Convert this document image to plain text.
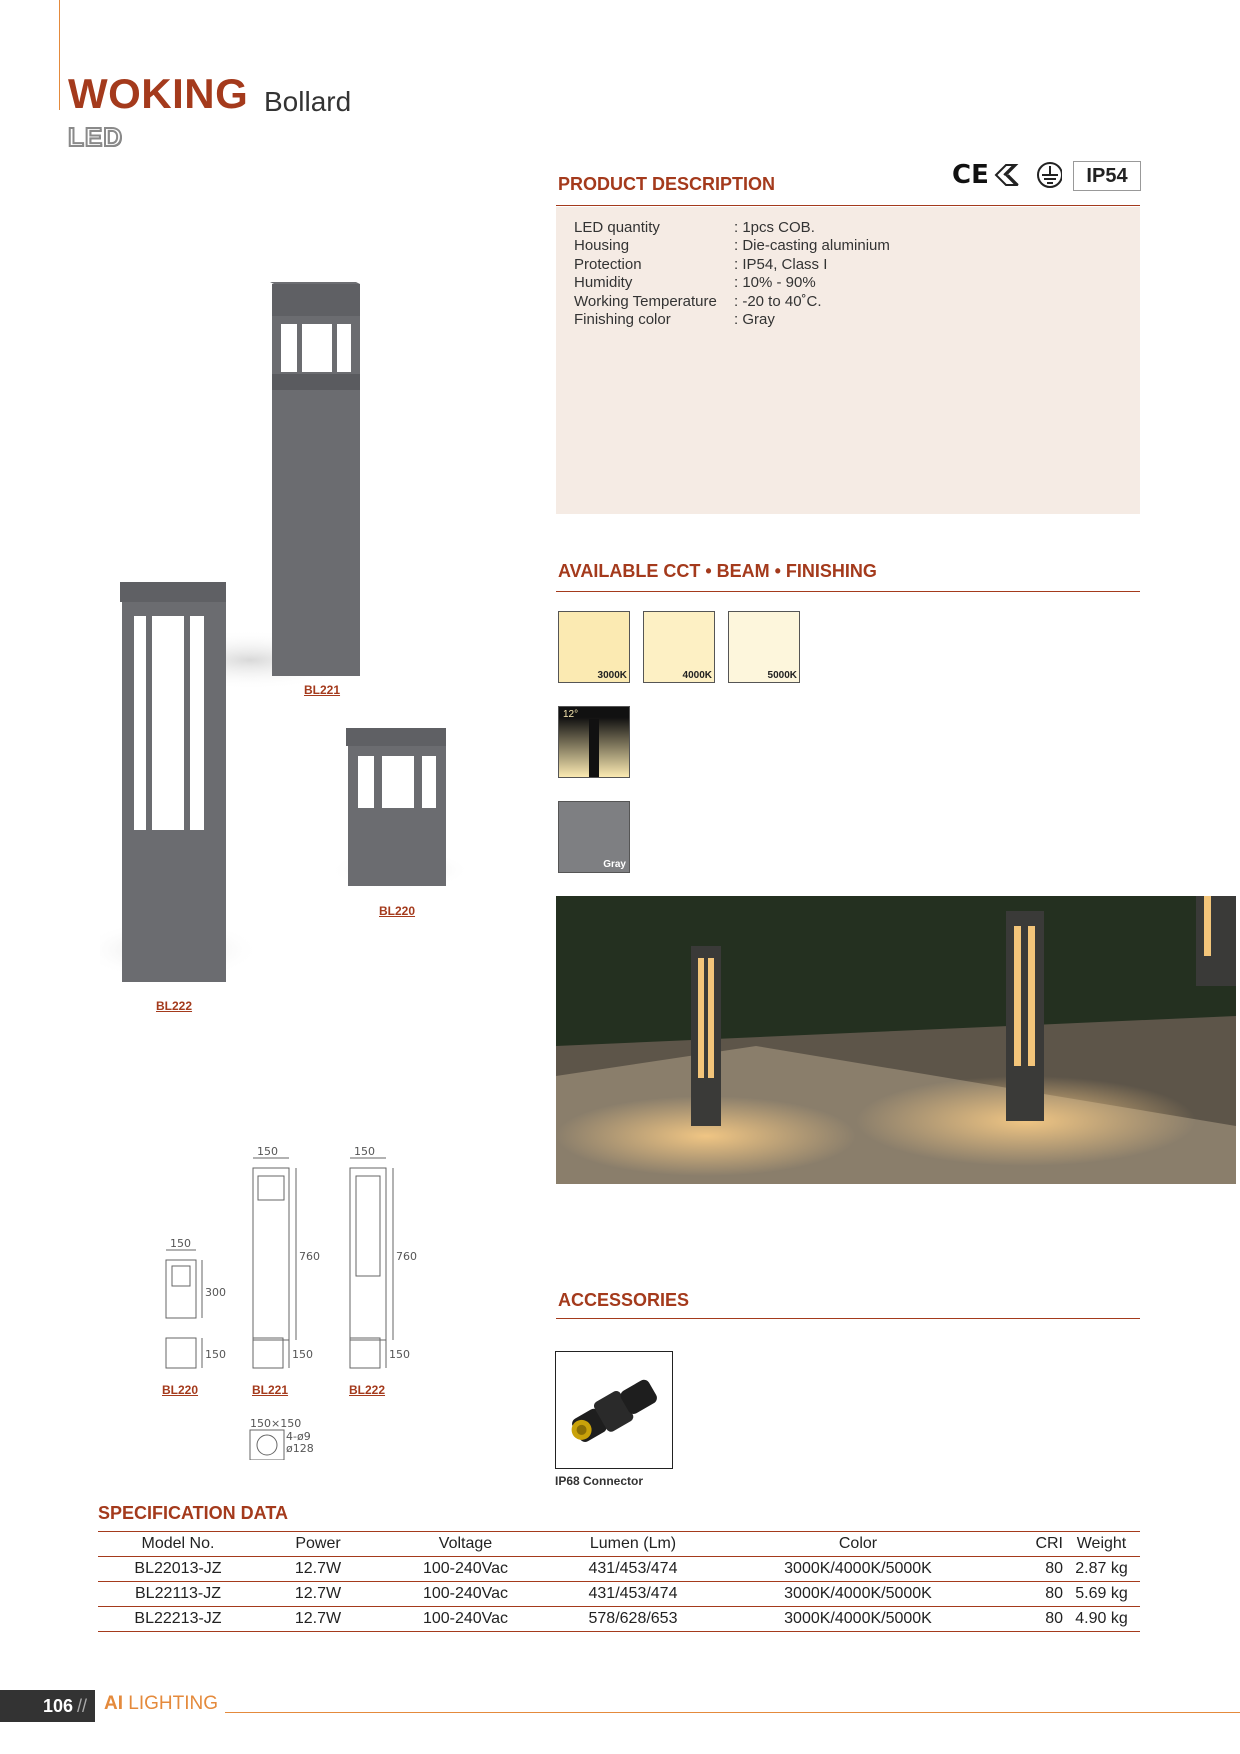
WOKING Bollard
LED
PRODUCT DESCRIPTION	CE	IP54
LED quantity	: 1pcs COB.
Housing	: Die-casting aluminium
Protection	: IP54, Class I
Humidity	: 10% - 90%
Working Temperature : -20 to 40˚C.
Finishing color	: Gray
BL221
BL220
BL222
AVAILABLE CCT • BEAM • FINISHING
3000K	4000K	5000K
12°
Gray
150
150	150
300
760	760
150	150	150
150×150
4-ø9
ø128
BL220	BL221	BL222
ACCESSORIES
IP68 Connector
SPECIFICATION DATA
Model No.	Power	Voltage	Lumen (Lm)	Color	CRI	Weight
BL22013-JZ	12.7W	100-240Vac	431/453/474	3000K/4000K/5000K	80	2.87 kg
BL22113-JZ	12.7W	100-240Vac	431/453/474	3000K/4000K/5000K	80	5.69 kg
BL22213-JZ	12.7W	100-240Vac	578/628/653	3000K/4000K/5000K	80	4.90 kg
106 // AI LIGHTING
